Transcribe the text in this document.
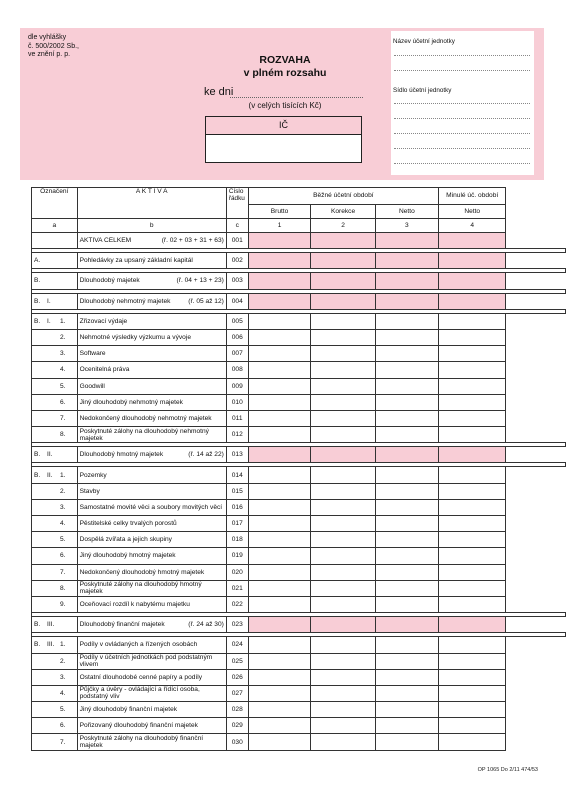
dle vyhlášky
č. 500/2002 Sb.,
ve znění p. p.	ROZVAHA
v plném rozsahu
ke dni
(v celých tisících Kč)
IČ
Název účetní jednotky
Sídlo účetní jednotky
Označení	A K T I V A	Číslo řádku	Běžné účetní období			Minulé úč. období
			Brutto	Korekce	Netto	Netto
a	b	c	1	2	3	4

	AKTIVA CELKEM (ř. 02 + 03 + 31 + 63)	001				

A.	Pohledávky za upsaný základní kapitál	002				

B.	Dlouhodobý majetek (ř. 04 + 13 + 23)	003				

B. I.	Dlouhodobý nehmotný majetek (ř. 05 až 12)	004				

B. I. 1.	Zřizovací výdaje	005				

2.	Nehmotné výsledky výzkumu a vývoje	006				

3.	Software	007				

4.	Ocenitelná práva	008				

5.	Goodwill	009				

6.	Jiný dlouhodobý nehmotný majetek	010				

7.	Nedokončený dlouhodobý nehmotný majetek	011				

8.	Poskytnuté zálohy na dlouhodobý nehmotný majetek	012				

B. II.	Dlouhodobý hmotný majetek (ř. 14 až 22)	013				

B. II. 1.	Pozemky	014				

2.	Stavby	015				

3.	Samostatné movité věci a soubory movitých věcí	016				

4.	Pěstitelské celky trvalých porostů	017				

5.	Dospělá zvířata a jejich skupiny	018				

6.	Jiný dlouhodobý hmotný majetek	019				

7.	Nedokončený dlouhodobý hmotný majetek	020				

8.	Poskytnuté zálohy na dlouhodobý hmotný majetek	021				

9.	Oceňovací rozdíl k nabytému majetku	022				

B. III.	Dlouhodobý finanční majetek (ř. 24 až 30)	023				

B. III. 1.	Podíly v ovládaných a řízených osobách	024				

2.	Podíly v účetních jednotkách pod podstatným vlivem	025				

3.	Ostatní dlouhodobé cenné papíry a podíly	026				

4.	Půjčky a úvěry - ovládající a řídící osoba, podstatný vliv	027				

5.	Jiný dlouhodobý finanční majetek	028				

6.	Pořizovaný dlouhodobý finanční majetek	029				

7.	Poskytnuté zálohy na dlouhodobý finanční majetek	030				
OP 1065 Do 2/11 474/53
